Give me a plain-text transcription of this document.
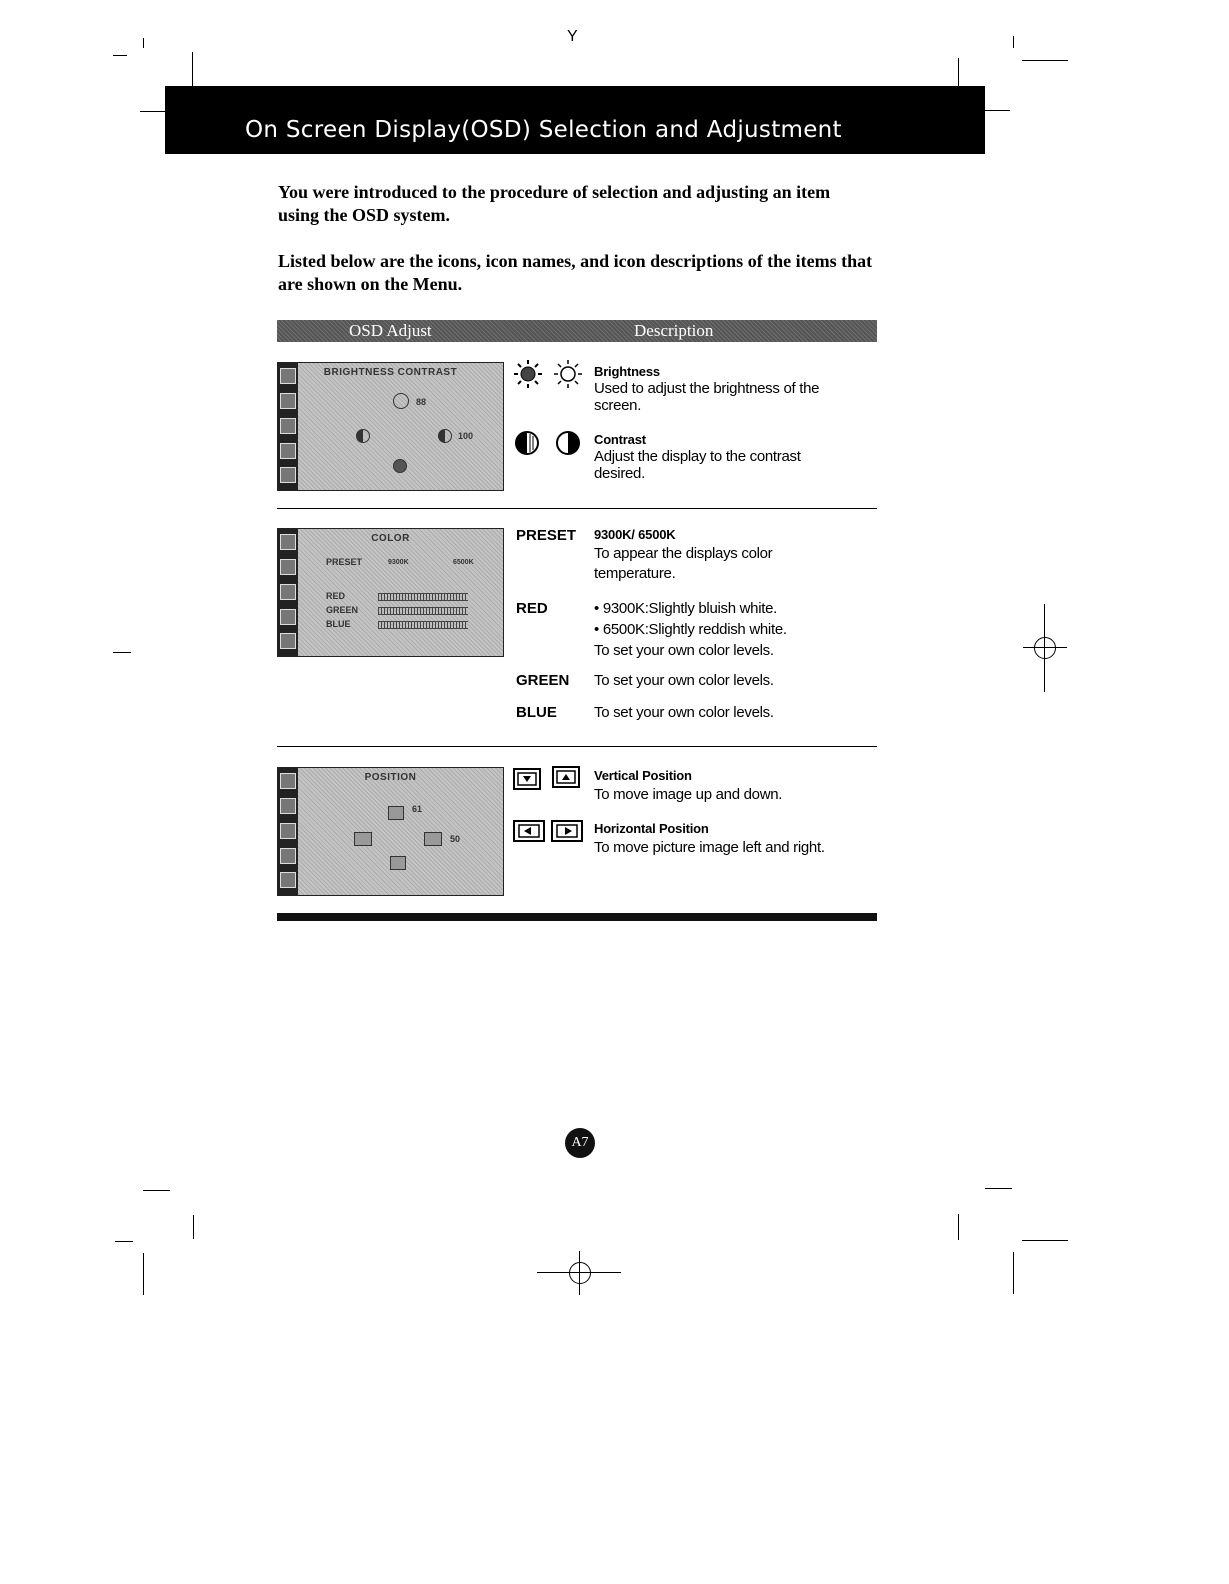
Y
On Screen Display(OSD) Selection and Adjustment
You were introduced to the procedure of selection and adjusting an item
using the OSD system.
Listed below are the icons, icon names, and icon descriptions of the items that
are shown on the Menu.
OSD Adjust	Description
BRIGHTNESS CONTRAST
88
100
Brightness
Used to adjust the brightness of the
screen.
Contrast
Adjust the display to the contrast
desired.
COLOR
PRESET	9300K	6500K
RED
GREEN
BLUE
PRESET 9300K/ 6500K
To appear the displays color
temperature.
RED	• 9300K:Slightly bluish white.
• 6500K:Slightly reddish white.
To set your own color levels.
GREEN To set your own color levels.
BLUE To set your own color levels.
POSITION
61
50
Vertical Position
To move image up and down.
Horizontal Position
To move picture image left and right.
A7
